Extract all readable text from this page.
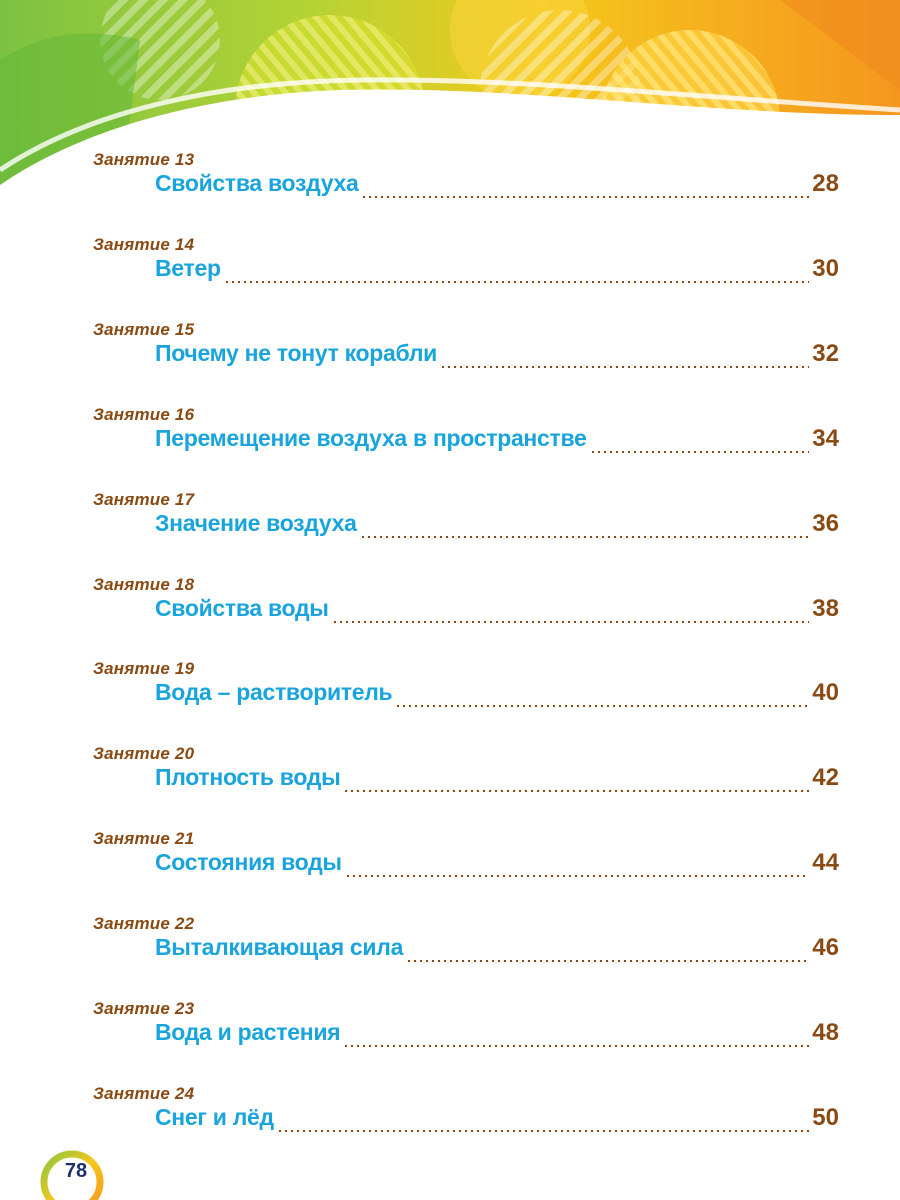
Занятие 13
Свойства воздуха	28
Занятие 14
Ветер	30
Занятие 15
Почему не тонут корабли	32
Занятие 16
Перемещение воздуха в пространстве	34
Занятие 17
Значение воздуха	36
Занятие 18
Свойства воды	38
Занятие 19
Вода – растворитель	40
Занятие 20
Плотность воды	42
Занятие 21
Состояния воды	44
Занятие 22
Выталкивающая сила	46
Занятие 23
Вода и растения	48
Занятие 24
Снег и лёд	50
78
